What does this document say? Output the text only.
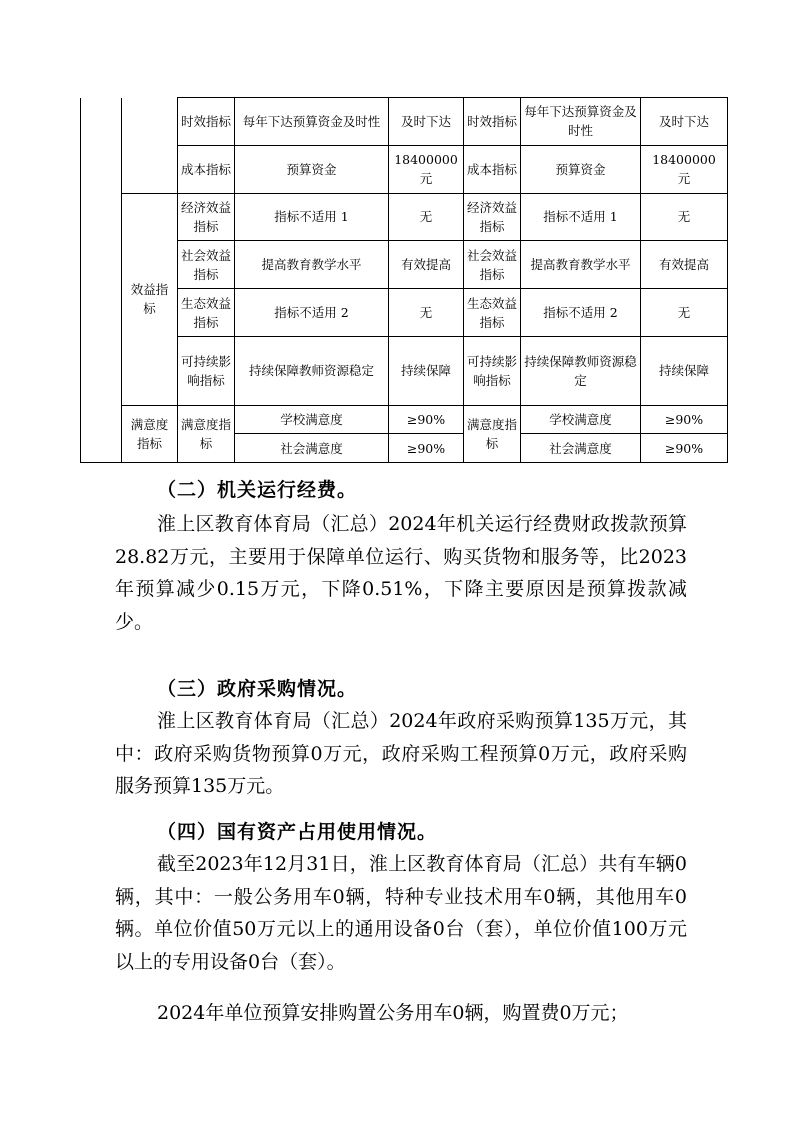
		时效指标	每年下达预算资金及时性	及时下达	时效指标	每年下达预算资金及时性	及时下达
		成本指标	预算资金	18400000元	成本指标	预算资金	18400000 元
	效益指标	经济效益指标	指标不适用 1	无	经济效益指标	指标不适用 1	无
		社会效益指标	提高教育教学水平	有效提高	社会效益指标	提高教育教学水平	有效提高
		生态效益指标	指标不适用 2	无	生态效益指标	指标不适用 2	无
		可持续影响指标	持续保障教师资源稳定	持续保障	可持续影响指标	持续保障教师资源稳定	持续保障
	满意度指标	满意度指标	学校满意度	≥90%	满意度指标	学校满意度	≥90%
			社会满意度	≥90%		社会满意度	≥90%
（二）机关运行经费。

淮上区教育体育局（汇总）2024年机关运行经费财政拨款预算28.82万元，主要用于保障单位运行、购买货物和服务等，比2023年预算减少0.15万元，下降0.51%，下降主要原因是预算拨款减少。

（三）政府采购情况。

淮上区教育体育局（汇总）2024年政府采购预算135万元，其中：政府采购货物预算0万元，政府采购工程预算0万元，政府采购服务预算135万元。

（四）国有资产占用使用情况。

截至2023年12月31日，淮上区教育体育局（汇总）共有车辆0辆，其中：一般公务用车0辆，特种专业技术用车0辆，其他用车0辆。单位价值50万元以上的通用设备0台（套），单位价值100万元以上的专用设备0台（套）。

2024年单位预算安排购置公务用车0辆，购置费0万元；
